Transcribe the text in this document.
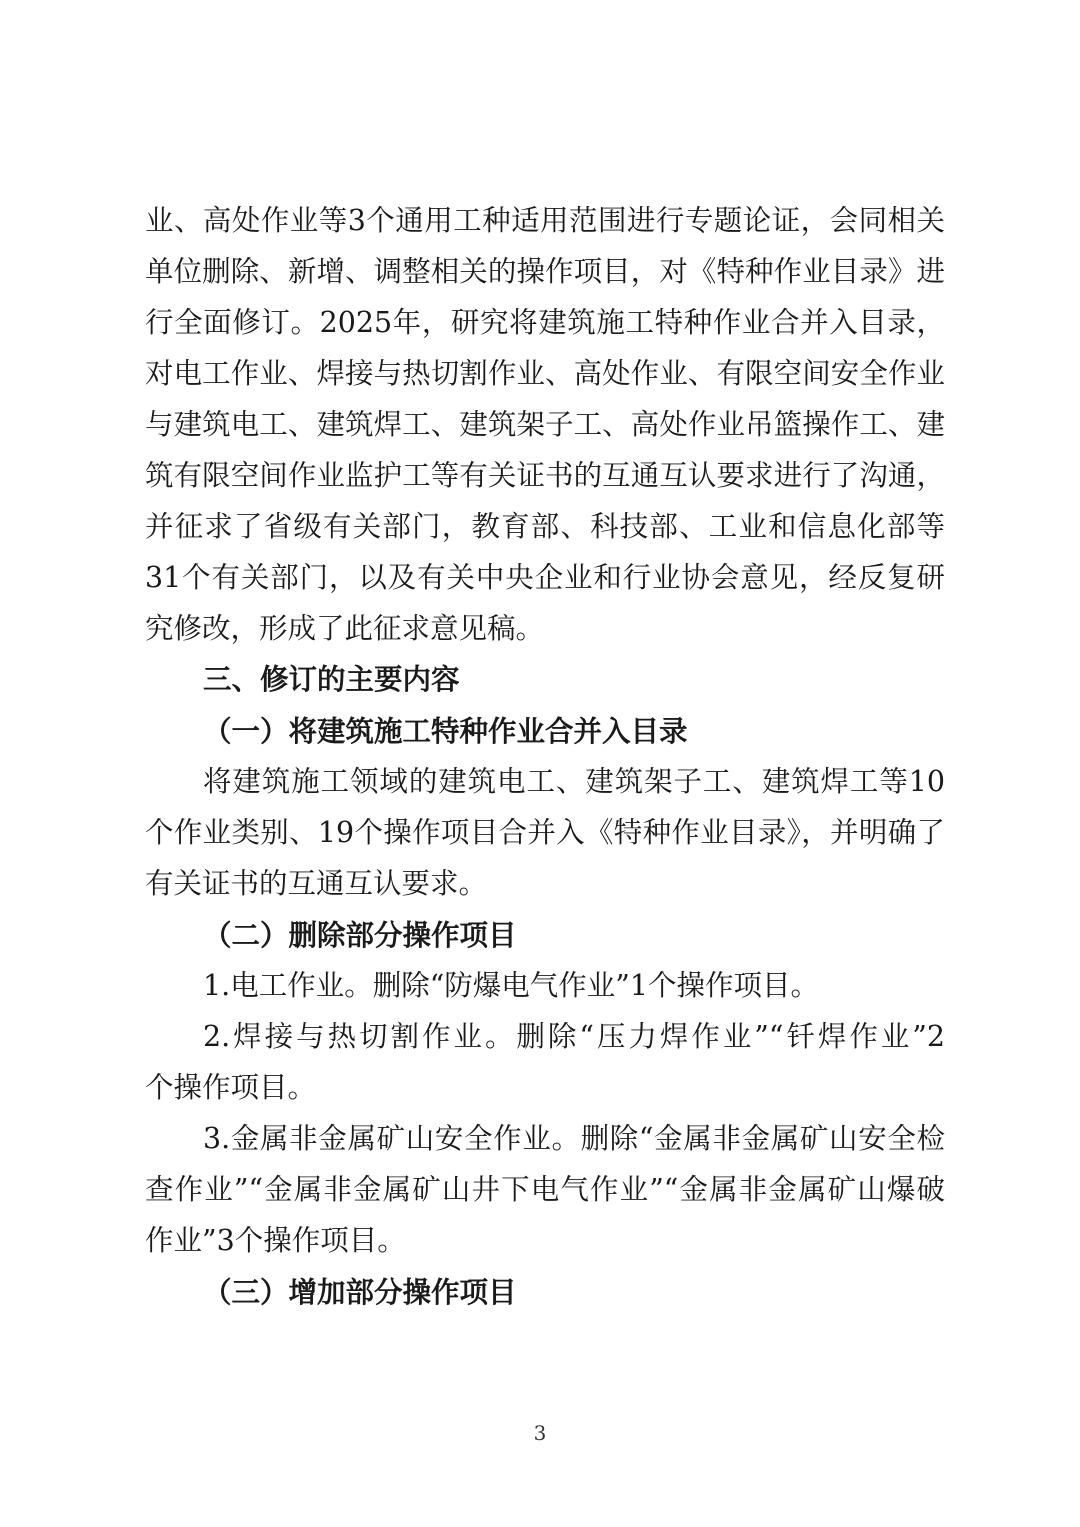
业、高处作业等3个通用工种适用范围进行专题论证，会同相关
单位删除、新增、调整相关的操作项目，对《特种作业目录》进
行全面修订。2025年，研究将建筑施工特种作业合并入目录，
对电工作业、焊接与热切割作业、高处作业、有限空间安全作业
与建筑电工、建筑焊工、建筑架子工、高处作业吊篮操作工、建
筑有限空间作业监护工等有关证书的互通互认要求进行了沟通，
并征求了省级有关部门，教育部、科技部、工业和信息化部等
31个有关部门，以及有关中央企业和行业协会意见，经反复研
究修改，形成了此征求意见稿。
三、修订的主要内容
（一）将建筑施工特种作业合并入目录
将建筑施工领域的建筑电工、建筑架子工、建筑焊工等10
个作业类别、19个操作项目合并入《特种作业目录》，并明确了
有关证书的互通互认要求。
（二）删除部分操作项目
1.电工作业。删除“防爆电气作业”1个操作项目。
2.焊接与热切割作业。删除“压力焊作业”“钎焊作业”2
个操作项目。
3.金属非金属矿山安全作业。删除“金属非金属矿山安全检
查作业”“金属非金属矿山井下电气作业”“金属非金属矿山爆破
作业”3个操作项目。
（三）增加部分操作项目
3
